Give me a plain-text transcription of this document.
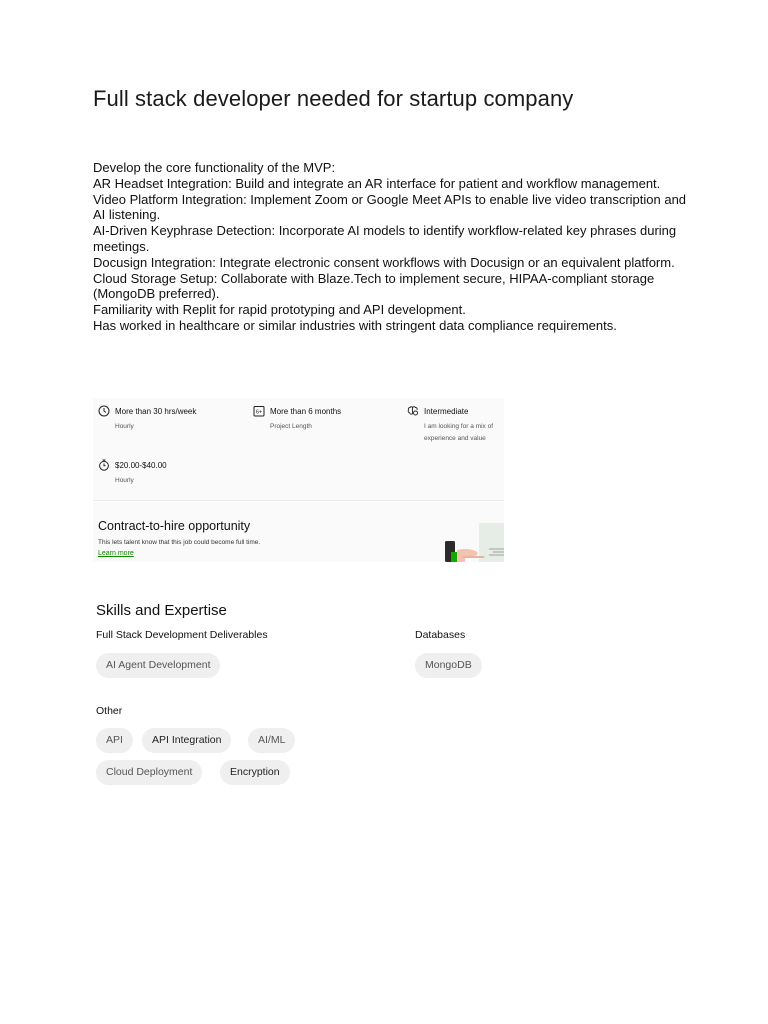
Full stack developer needed for startup company
Develop the core functionality of the MVP:
AR Headset Integration: Build and integrate an AR interface for patient and workflow management.
Video Platform Integration: Implement Zoom or Google Meet APIs to enable live video transcription and AI listening.
AI-Driven Keyphrase Detection: Incorporate AI models to identify workflow-related key phrases during meetings.
Docusign Integration: Integrate electronic consent workflows with Docusign or an equivalent platform.
Cloud Storage Setup: Collaborate with Blaze.Tech to implement secure, HIPAA-compliant storage (MongoDB preferred).
Familiarity with Replit for rapid prototyping and API development.
Has worked in healthcare or similar industries with stringent data compliance requirements.
More than 30 hrs/week
Hourly
6+ More than 6 months
Project Length
Intermediate
I am looking for a mix of experience and value
$20.00-$40.00
Hourly
Contract-to-hire opportunity
This lets talent know that this job could become full time.
Learn more
Skills and Expertise
Full Stack Development Deliverables
AI Agent Development
Databases
MongoDB
Other
API	API Integration	AI/ML
Cloud Deployment	Encryption
